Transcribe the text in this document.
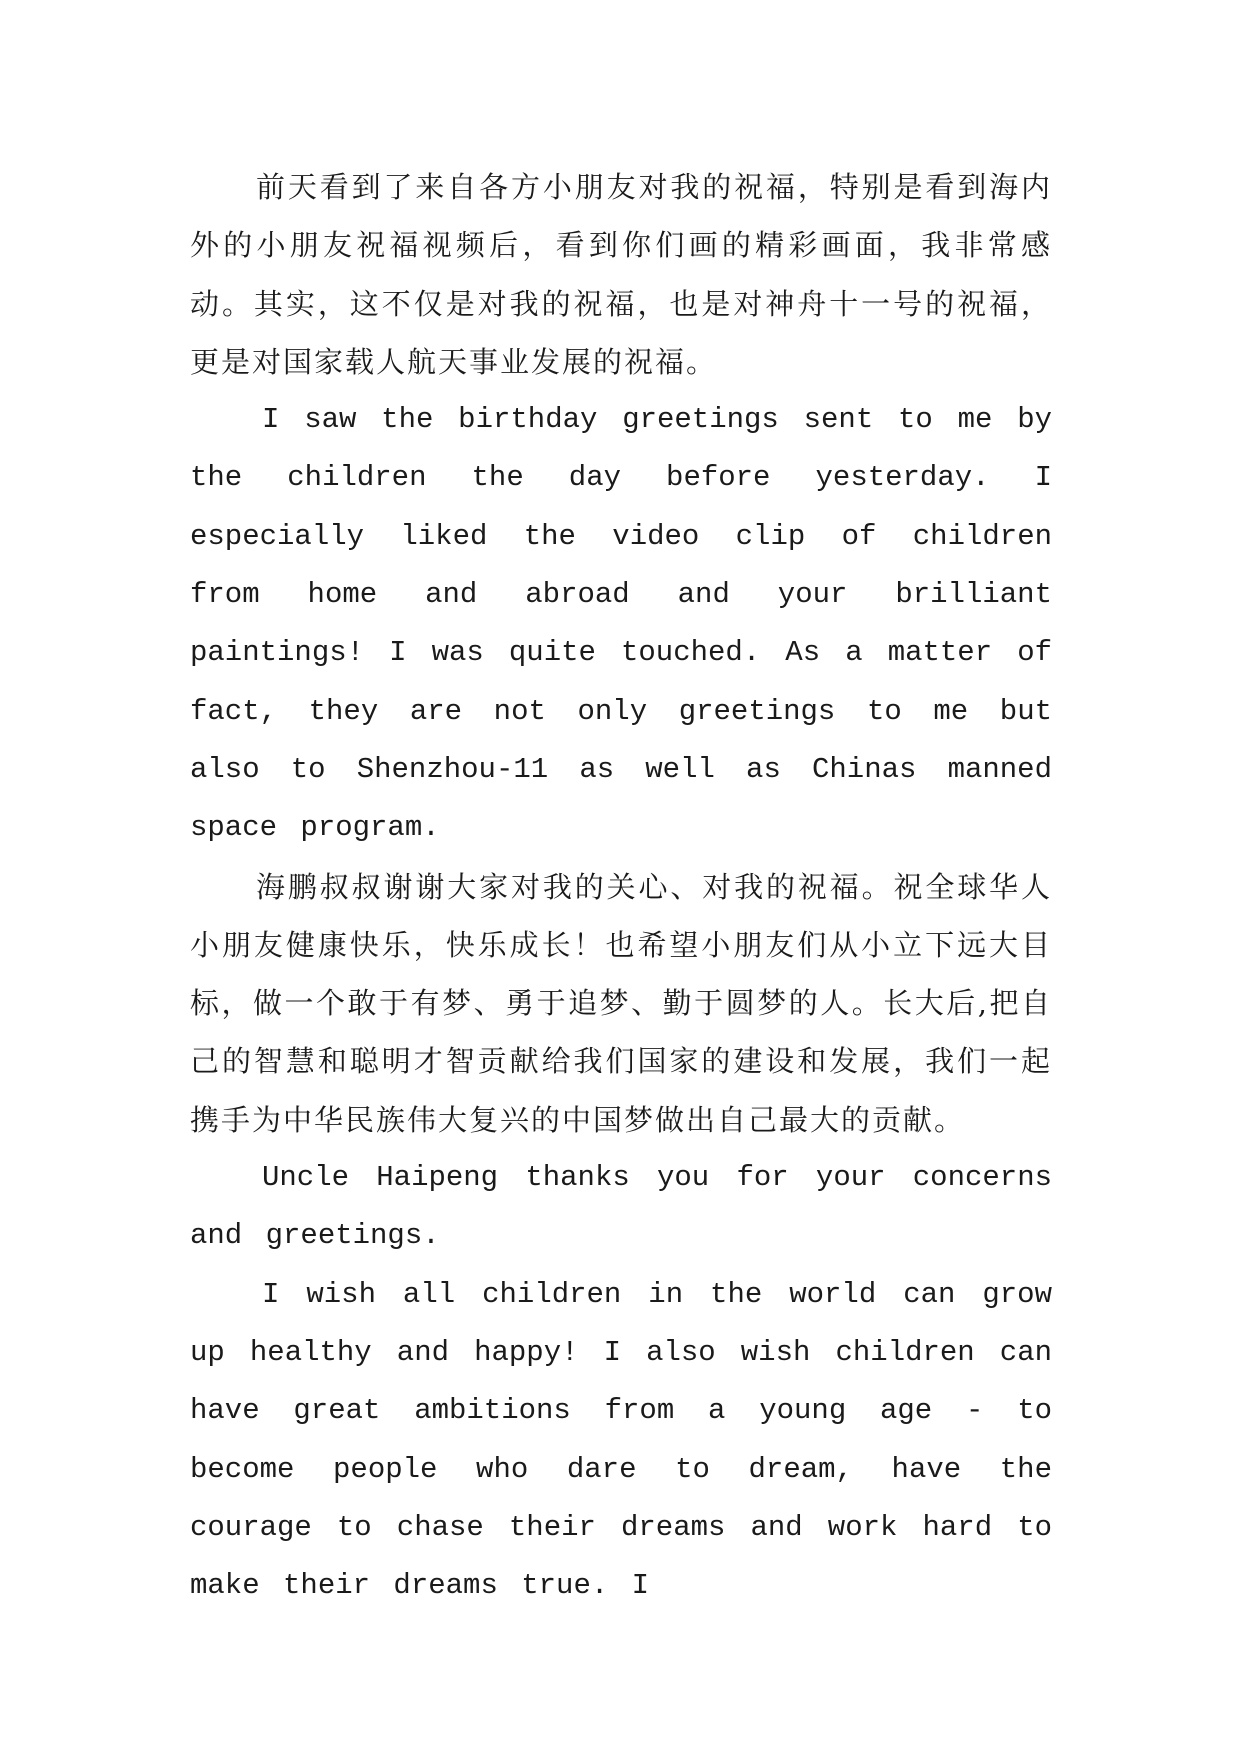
前天看到了来自各方小朋友对我的祝福，特别是看到海内外的小朋友祝福视频后，看到你们画的精彩画面，我非常感动。其实，这不仅是对我的祝福，也是对神舟十一号的祝福，更是对国家载人航天事业发展的祝福。

I saw the birthday greetings sent to me by the children the day before yesterday. I especially liked the video clip of children from home and abroad and your brilliant paintings! I was quite touched. As a matter of fact, they are not only greetings to me but also to Shenzhou-11 as well as Chinas manned space program.

海鹏叔叔谢谢大家对我的关心、对我的祝福。祝全球华人小朋友健康快乐，快乐成长！也希望小朋友们从小立下远大目标，做一个敢于有梦、勇于追梦、勤于圆梦的人。长大后,把自己的智慧和聪明才智贡献给我们国家的建设和发展，我们一起携手为中华民族伟大复兴的中国梦做出自己最大的贡献。

Uncle Haipeng thanks you for your concerns and greetings.

I wish all children in the world can grow up healthy and happy! I also wish children can have great ambitions from a young age - to become people who dare to dream, have the courage to chase their dreams and work hard to make their dreams true. I
